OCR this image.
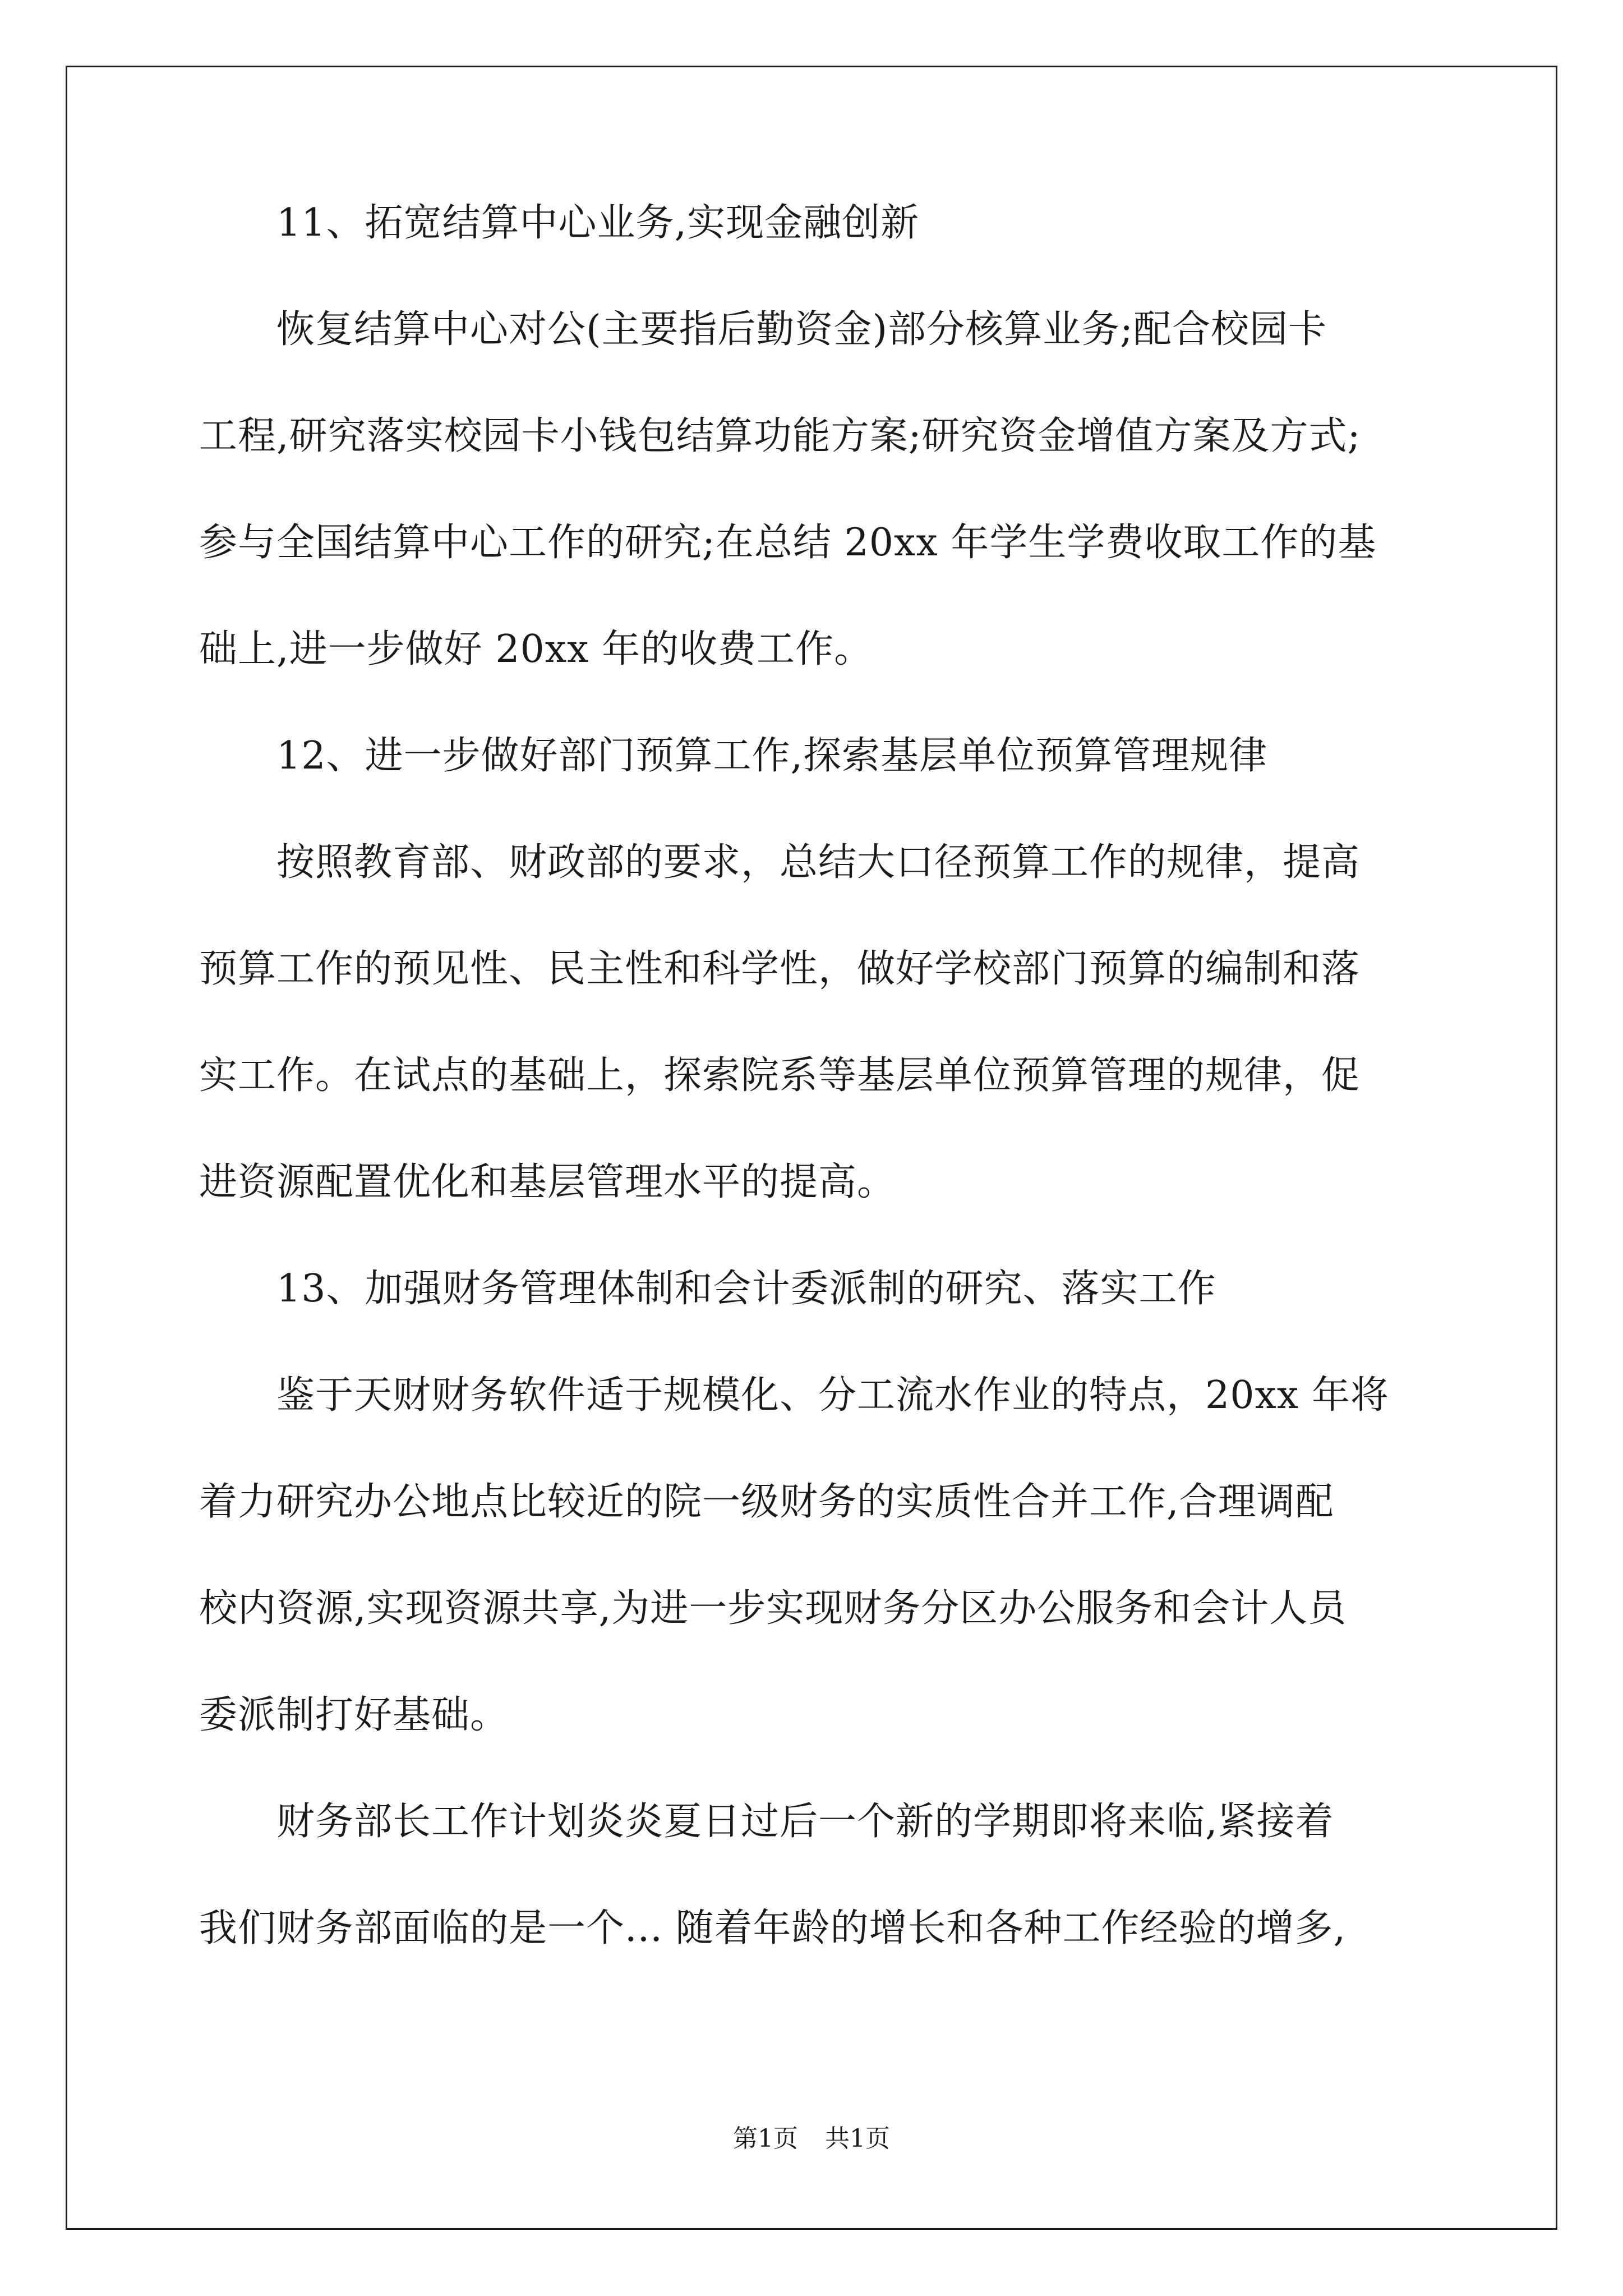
　　11、拓宽结算中心业务,实现金融创新

　　恢复结算中心对公(主要指后勤资金)部分核算业务;配合校园卡

工程,研究落实校园卡小钱包结算功能方案;研究资金增值方案及方式;

参与全国结算中心工作的研究;在总结 20xx 年学生学费收取工作的基

础上,进一步做好 20xx 年的收费工作。

　　12、进一步做好部门预算工作,探索基层单位预算管理规律

　　按照教育部、财政部的要求，总结大口径预算工作的规律，提高

预算工作的预见性、民主性和科学性，做好学校部门预算的编制和落

实工作。在试点的基础上，探索院系等基层单位预算管理的规律，促

进资源配置优化和基层管理水平的提高。

　　13、加强财务管理体制和会计委派制的研究、落实工作

　　鉴于天财财务软件适于规模化、分工流水作业的特点，20xx 年将

着力研究办公地点比较近的院一级财务的实质性合并工作,合理调配

校内资源,实现资源共享,为进一步实现财务分区办公服务和会计人员

委派制打好基础。

　　财务部长工作计划炎炎夏日过后一个新的学期即将来临,紧接着

我们财务部面临的是一个... 随着年龄的增长和各种工作经验的增多,

第1页 共1页
